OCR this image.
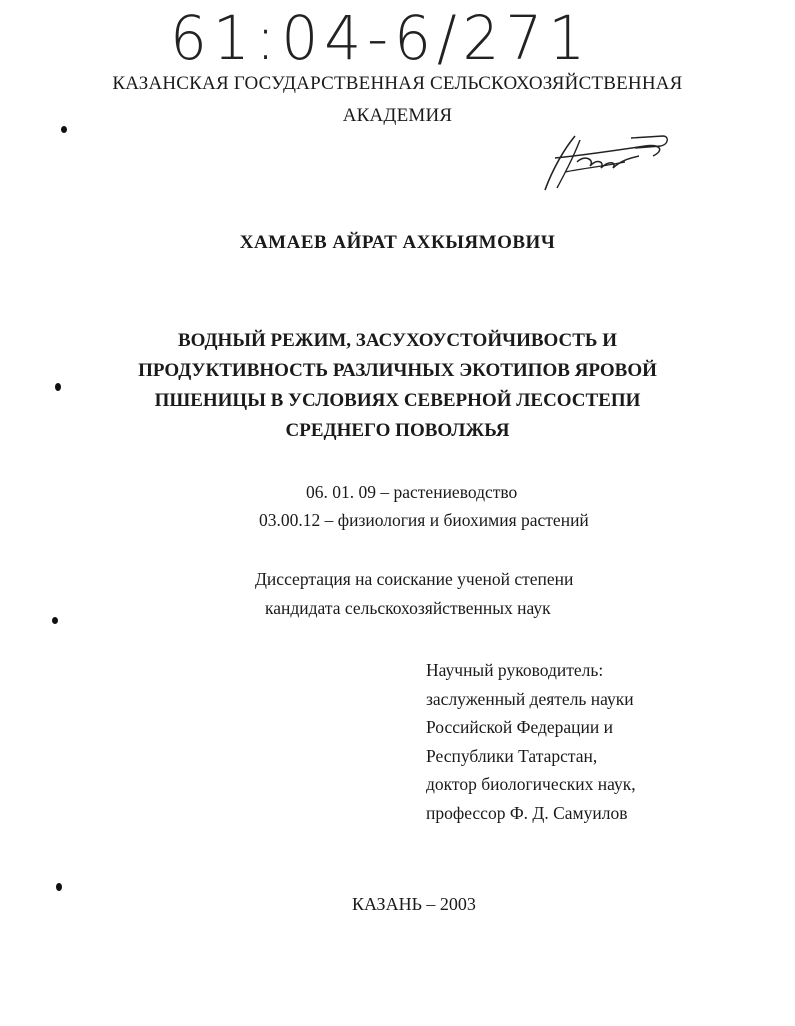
61:04-6/271
КАЗАНСКАЯ ГОСУДАРСТВЕННАЯ СЕЛЬСКОХОЗЯЙСТВЕННАЯ
АКАДЕМИЯ
ХАМАЕВ АЙРАТ АХКЫЯМОВИЧ
ВОДНЫЙ РЕЖИМ, ЗАСУХОУСТОЙЧИВОСТЬ И
ПРОДУКТИВНОСТЬ РАЗЛИЧНЫХ ЭКОТИПОВ ЯРОВОЙ
ПШЕНИЦЫ В УСЛОВИЯХ СЕВЕРНОЙ ЛЕСОСТЕПИ
СРЕДНЕГО ПОВОЛЖЬЯ
06. 01. 09 – растениеводство
03.00.12 – физиология и биохимия растений
Диссертация на соискание ученой степени
кандидата сельскохозяйственных наук
Научный руководитель:
заслуженный деятель науки
Российской Федерации и
Республики Татарстан,
доктор биологических наук,
профессор Ф. Д. Самуилов
КАЗАНЬ – 2003
